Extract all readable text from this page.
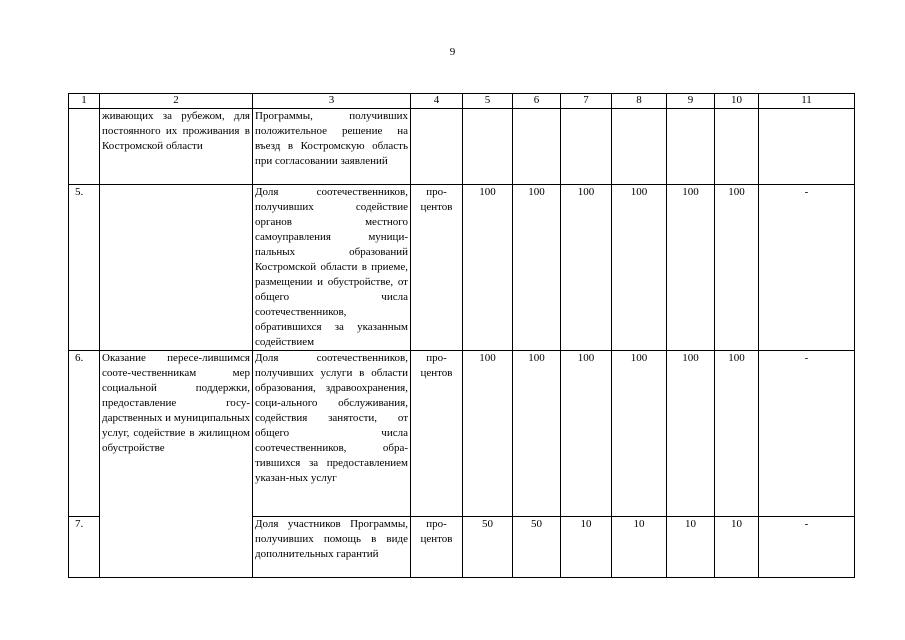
9
1	2	3	4	5	6	7	8	9	10	11
	живающих за рубежом, для постоянного их проживания в Костромской области	Программы, получивших положительное решение на въезд в Костромскую область при согласовании заявлений								
5.		Доля соотечественников, получивших содействие органов местного самоуправления муници-пальных образований Костромской области в приеме, размещении и обустройстве, от общего числа соотечественников, обратившихся за указанным содействием	про-центов	100	100	100	100	100	100	-
6.	Оказание пересе-лившимся сооте-чественникам мер социальной поддержки, предоставление госу-дарственных и муниципальных услуг, содействие в жилищном обустройстве	Доля соотечественников, получивших услуги в области образования, здравоохранения, соци-ального обслуживания, содействия занятости, от общего числа соотечественников, обра-тившихся за предоставлением указан-ных услуг	про-центов	100	100	100	100	100	100	-
7.		Доля участников Программы, получивших помощь в виде дополнительных гарантий	про-центов	50	50	10	10	10	10	-
